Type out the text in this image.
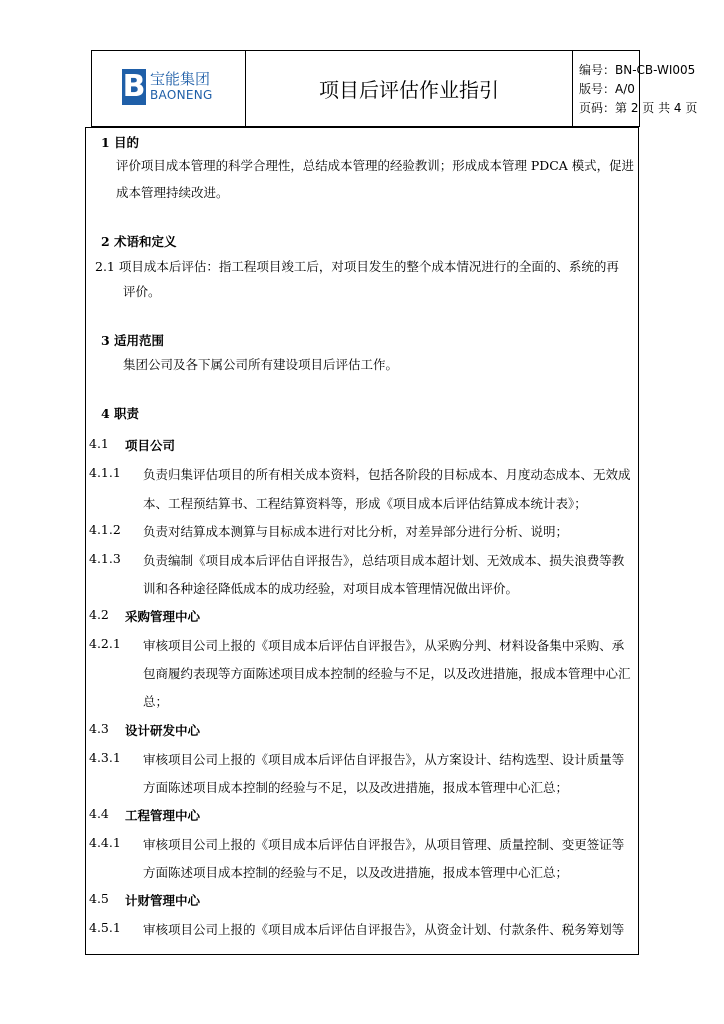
B 宝能集团
BAONENG	项目后评估作业指引
编号：BN-CB-WI005
版号：A/0
页码：第 2 页 共 4 页
1 目的
评价项目成本管理的科学合理性，总结成本管理的经验教训；形成成本管理 PDCA 模式，促进
成本管理持续改进。
2 术语和定义
2.1 项目成本后评估：指工程项目竣工后，对项目发生的整个成本情况进行的全面的、系统的再
评价。
3 适用范围
集团公司及各下属公司所有建设项目后评估工作。
4 职责
4.1 项目公司
4.1.1 负责归集评估项目的所有相关成本资料，包括各阶段的目标成本、月度动态成本、无效成
本、工程预结算书、工程结算资料等，形成《项目成本后评估结算成本统计表》；
4.1.2 负责对结算成本测算与目标成本进行对比分析，对差异部分进行分析、说明；
4.1.3 负责编制《项目成本后评估自评报告》，总结项目成本超计划、无效成本、损失浪费等教
训和各种途径降低成本的成功经验，对项目成本管理情况做出评价。
4.2 采购管理中心
4.2.1 审核项目公司上报的《项目成本后评估自评报告》，从采购分判、材料设备集中采购、承
包商履约表现等方面陈述项目成本控制的经验与不足，以及改进措施，报成本管理中心汇
总；
4.3 设计研发中心
4.3.1 审核项目公司上报的《项目成本后评估自评报告》，从方案设计、结构选型、设计质量等
方面陈述项目成本控制的经验与不足，以及改进措施，报成本管理中心汇总；
4.4 工程管理中心
4.4.1 审核项目公司上报的《项目成本后评估自评报告》，从项目管理、质量控制、变更签证等
方面陈述项目成本控制的经验与不足，以及改进措施，报成本管理中心汇总；
4.5 计财管理中心
4.5.1 审核项目公司上报的《项目成本后评估自评报告》，从资金计划、付款条件、税务筹划等
